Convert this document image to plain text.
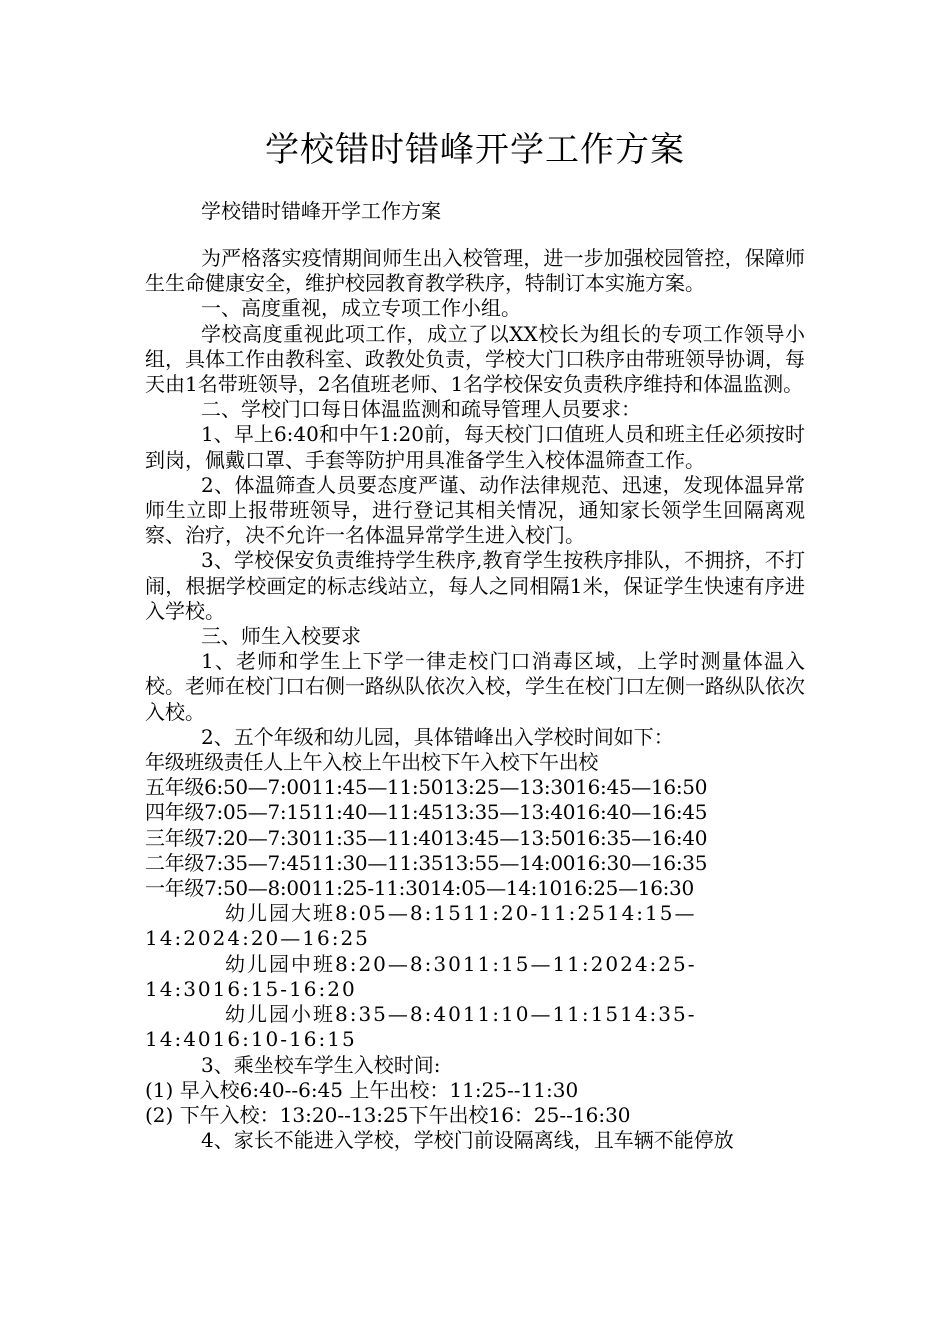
学校错时错峰开学工作方案
学校错时错峰开学工作方案

为严格落实疫情期间师生出入校管理，进一步加强校园管控，保障师生生命健康安全，维护校园教育教学秩序，特制订本实施方案。

一、高度重视，成立专项工作小组。

学校高度重视此项工作，成立了以XX校长为组长的专项工作领导小组，具体工作由教科室、政教处负责，学校大门口秩序由带班领导协调，每天由1名带班领导，2名值班老师、1名学校保安负责秩序维持和体温监测。

二、学校门口每日体温监测和疏导管理人员要求：

1、早上6:40和中午1:20前，每天校门口值班人员和班主任必须按时到岗，佩戴口罩、手套等防护用具准备学生入校体温筛查工作。

2、体温筛查人员要态度严谨、动作法律规范、迅速，发现体温异常师生立即上报带班领导，进行登记其相关情况，通知家长领学生回隔离观察、治疗，决不允许一名体温异常学生进入校门。

3、学校保安负责维持学生秩序,教育学生按秩序排队，不拥挤，不打闹，根据学校画定的标志线站立，每人之同相隔1米，保证学生快速有序进入学校。

三、师生入校要求

1、老师和学生上下学一律走校门口消毒区域，上学时测量体温入校。老师在校门口右侧一路纵队依次入校，学生在校门口左侧一路纵队依次入校。

2、五个年级和幼儿园，具体错峰出入学校时间如下：

年级班级责任人上午入校上午出校下午入校下午出校

五年级6:50—7:0011:45—11:5013:25—13:3016:45—16:50

四年级7:05—7:1511:40—11:4513:35—13:4016:40—16:45

三年级7:20—7:3011:35—11:4013:45—13:5016:35—16:40

二年级7:35—7:4511:30—11:3513:55—14:0016:30—16:35

一年级7:50—8:0011:25-11:3014:05—14:1016:25—16:30

幼儿园大班8:05—8:1511:20-11:2514:15—14:2024:20—16:25

幼儿园中班8:20—8:3011:15—11:2024:25-14:3016:15-16:20

幼儿园小班8:35—8:4011:10—11:1514:35-14:4016:10-16:15

3、乘坐校车学生入校时间:

(1) 早入校6:40--6:45 上午出校：11:25--11:30

(2) 下午入校：13:20--13:25下午出校16：25--16:30

4、家长不能进入学校，学校门前设隔离线，且车辆不能停放
